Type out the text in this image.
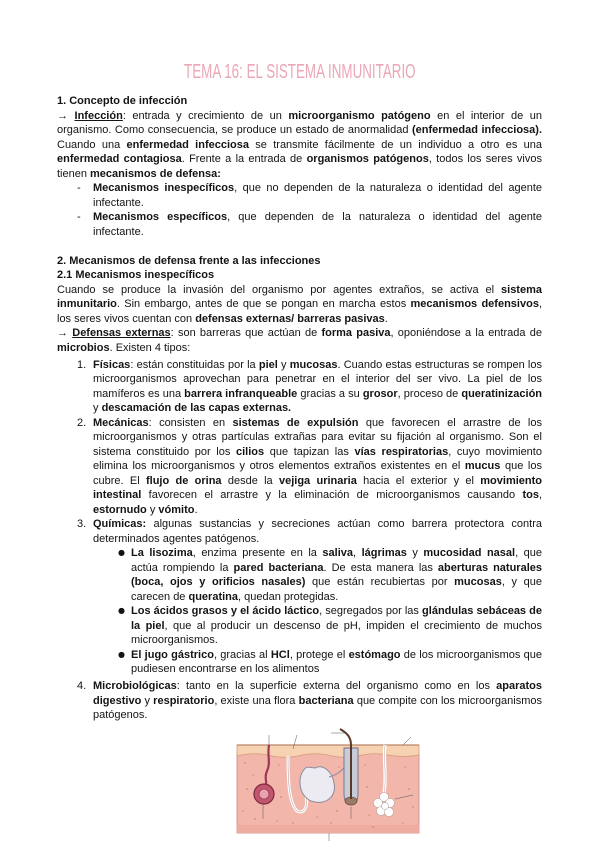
TEMA 16: EL SISTEMA INMUNITARIO

1. Concepto de infección

→ Infección: entrada y crecimiento de un microorganismo patógeno en el interior de un organismo. Como consecuencia, se produce un estado de anormalidad (enfermedad infecciosa). Cuando una enfermedad infecciosa se transmite fácilmente de un individuo a otro es una enfermedad contagiosa. Frente a la entrada de organismos patógenos, todos los seres vivos tienen mecanismos de defensa:

- Mecanismos inespecíficos, que no dependen de la naturaleza o identidad del agente infectante.
- Mecanismos específicos, que dependen de la naturaleza o identidad del agente infectante.

2. Mecanismos de defensa frente a las infecciones

2.1 Mecanismos inespecíficos

Cuando se produce la invasión del organismo por agentes extraños, se activa el sistema inmunitario. Sin embargo, antes de que se pongan en marcha estos mecanismos defensivos, los seres vivos cuentan con defensas externas/ barreras pasivas.

→ Defensas externas: son barreras que actúan de forma pasiva, oponiéndose a la entrada de microbios. Existen 4 tipos:

1. Físicas: están constituidas por la piel y mucosas. Cuando estas estructuras se rompen los microorganismos aprovechan para penetrar en el interior del ser vivo. La piel de los mamíferos es una barrera infranqueable gracias a su grosor, proceso de queratinización y descamación de las capas externas.
2. Mecánicas: consisten en sistemas de expulsión que favorecen el arrastre de los microorganismos y otras partículas extrañas para evitar su fijación al organismo. Son el sistema constituido por los cilios que tapizan las vías respiratorias, cuyo movimiento elimina los microorganismos y otros elementos extraños existentes en el mucus que los cubre. El flujo de orina desde la vejiga urinaria hacia el exterior y el movimiento intestinal favorecen el arrastre y la eliminación de microorganismos causando tos, estornudo y vómito.
3. Químicas: algunas sustancias y secreciones actúan como barrera protectora contra determinados agentes patógenos.
● La lisozima, enzima presente en la saliva, lágrimas y mucosidad nasal, que actúa rompiendo la pared bacteriana. De esta manera las aberturas naturales (boca, ojos y orificios nasales) que están recubiertas por mucosas, y que carecen de queratina, quedan protegidas.
● Los ácidos grasos y el ácido láctico, segregados por las glándulas sebáceas de la piel, que al producir un descenso de pH, impiden el crecimiento de muchos microorganismos.
● El jugo gástrico, gracias al HCl, protege el estómago de los microorganismos que pudiesen encontrarse en los alimentos
4. Microbiológicas: tanto en la superficie externa del organismo como en los aparatos digestivo y respiratorio, existe una flora bacteriana que compite con los microorganismos patógenos.
